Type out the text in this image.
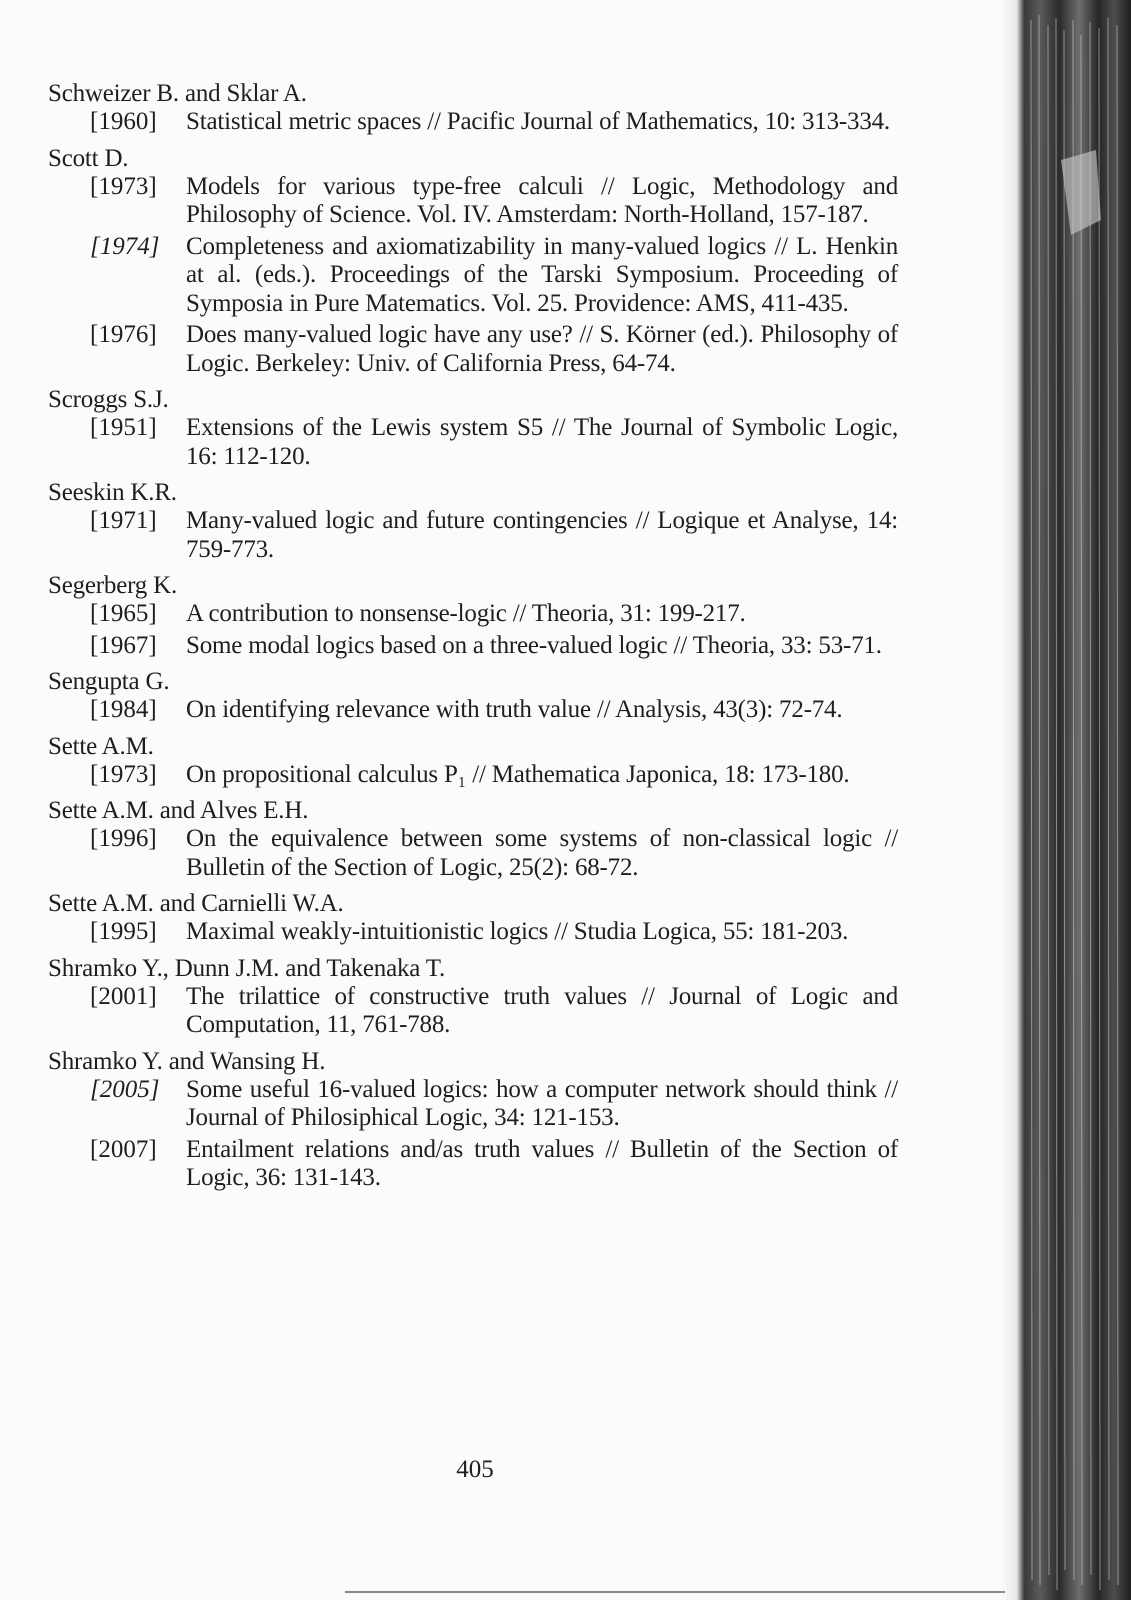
Schweizer B. and Sklar A.
[1960]	Statistical metric spaces // Pacific Journal of Mathematics, 10: 313-334.
Scott D.
[1973]	Models for various type-free calculi // Logic, Methodology and Philosophy of Science. Vol. IV. Amsterdam: North-Holland, 157-187.
[1974]	Completeness and axiomatizability in many-valued logics // L. Henkin at al. (eds.). Proceedings of the Tarski Symposium. Proceeding of Symposia in Pure Matematics. Vol. 25. Providence: AMS, 411-435.
[1976]	Does many-valued logic have any use? // S. Körner (ed.). Philosophy of Logic. Berkeley: Univ. of California Press, 64-74.
Scroggs S.J.
[1951]	Extensions of the Lewis system S5 // The Journal of Symbolic Logic, 16: 112-120.
Seeskin K.R.
[1971]	Many-valued logic and future contingencies // Logique et Analyse, 14: 759-773.
Segerberg K.
[1965]	A contribution to nonsense-logic // Theoria, 31: 199-217.
[1967]	Some modal logics based on a three-valued logic // Theoria, 33: 53-71.
Sengupta G.
[1984]	On identifying relevance with truth value // Analysis, 43(3): 72-74.
Sette A.M.
[1973]	On propositional calculus P₁ // Mathematica Japonica, 18: 173-180.
Sette A.M. and Alves E.H.
[1996]	On the equivalence between some systems of non-classical logic // Bulletin of the Section of Logic, 25(2): 68-72.
Sette A.M. and Carnielli W.A.
[1995]	Maximal weakly-intuitionistic logics // Studia Logica, 55: 181-203.
Shramko Y., Dunn J.M. and Takenaka T.
[2001]	The trilattice of constructive truth values // Journal of Logic and Computation, 11, 761-788.
Shramko Y. and Wansing H.
[2005]	Some useful 16-valued logics: how a computer network should think // Journal of Philosiphical Logic, 34: 121-153.
[2007]	Entailment relations and/as truth values // Bulletin of the Section of Logic, 36: 131-143.
405
